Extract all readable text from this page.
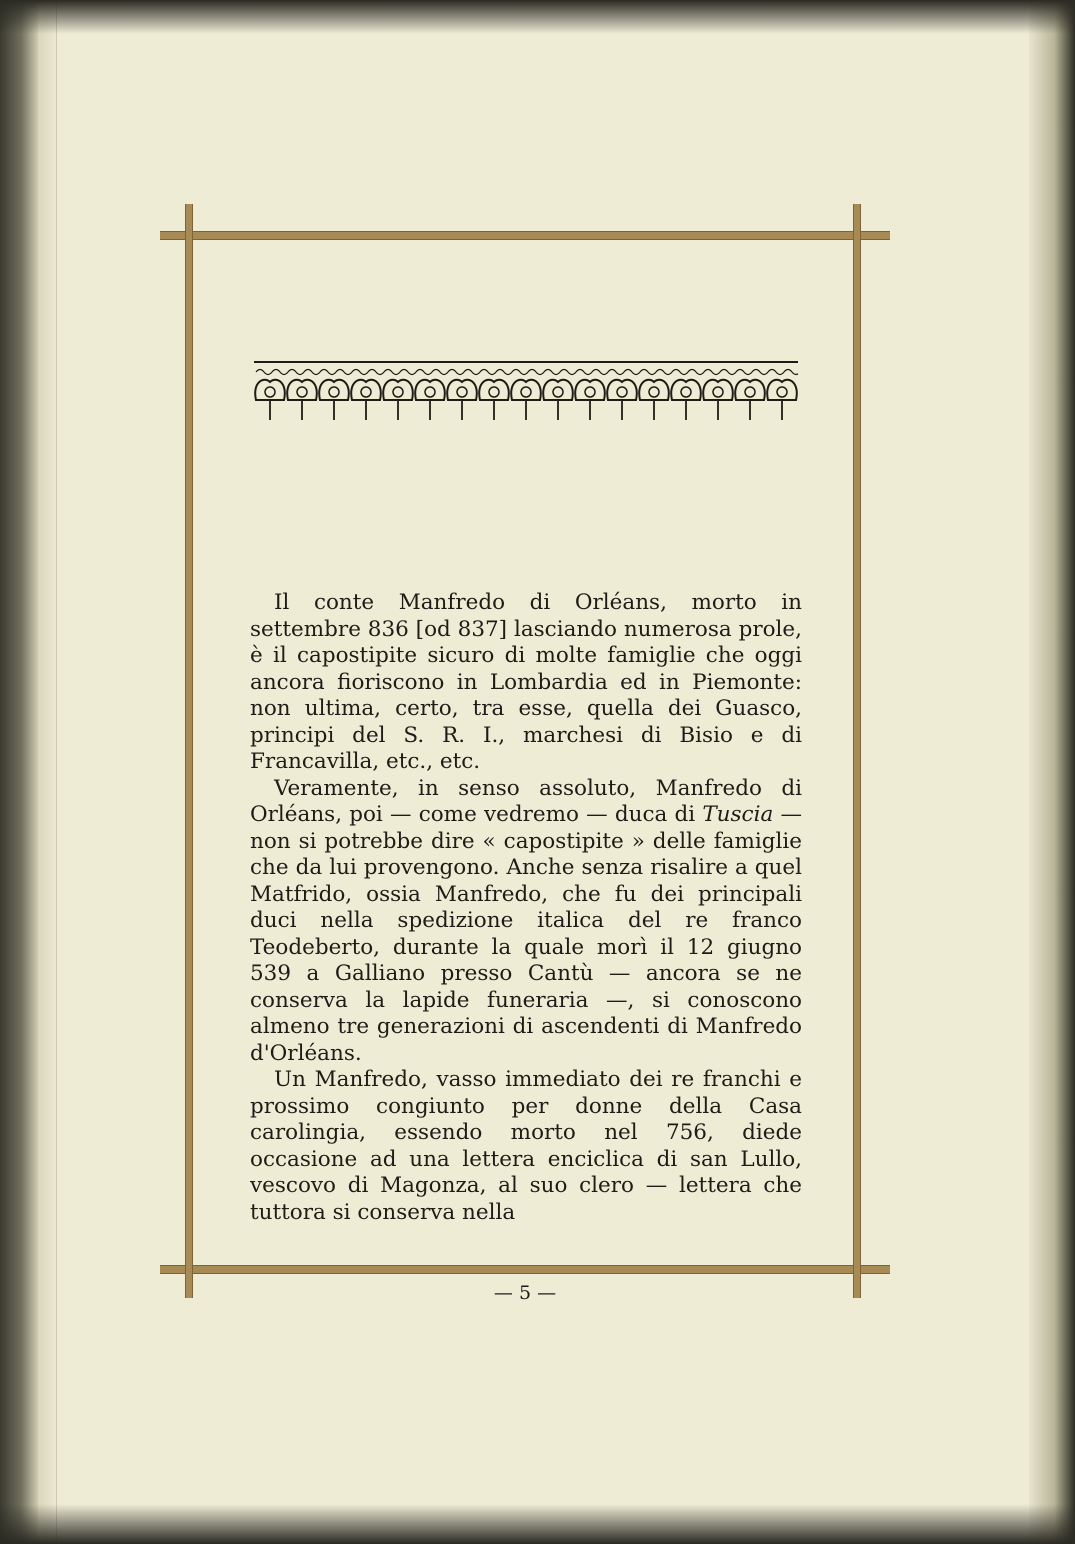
Il conte Manfredo di Orléans, morto in settembre 836 [od 837] lasciando numerosa prole, è il capostipite sicuro di molte famiglie che oggi ancora fioriscono in Lombardia ed in Piemonte: non ultima, certo, tra esse, quella dei Guasco, principi del S. R. I., marchesi di Bisio e di Francavilla, etc., etc.

Veramente, in senso assoluto, Manfredo di Orléans, poi — come vedremo — duca di Tuscia — non si potrebbe dire « capostipite » delle famiglie che da lui provengono. Anche senza risalire a quel Matfrido, ossia Manfredo, che fu dei principali duci nella spedizione italica del re franco Teodeberto, durante la quale morì il 12 giugno 539 a Galliano presso Cantù — ancora se ne conserva la lapide funeraria —, si conoscono almeno tre generazioni di ascendenti di Manfredo d'Orléans.

Un Manfredo, vasso immediato dei re franchi e prossimo congiunto per donne della Casa carolingia, essendo morto nel 756, diede occasione ad una lettera enciclica di san Lullo, vescovo di Magonza, al suo clero — lettera che tuttora si conserva nella

— 5 —
